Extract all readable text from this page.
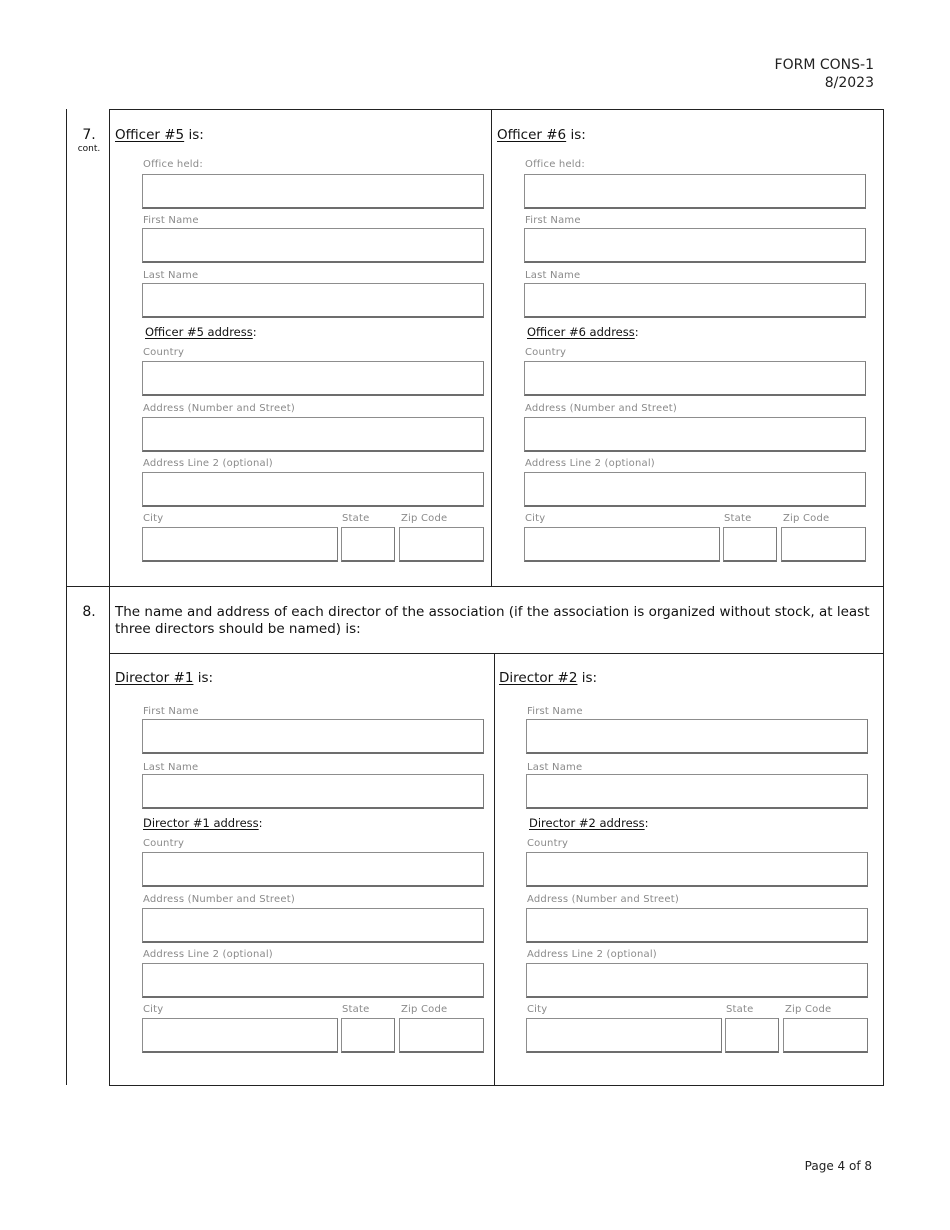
FORM CONS-1
8/2023
7.
cont.
8.
Officer #5 is:
Office held:
First Name
Last Name
Officer #5 address:
Country
Address (Number and Street)
Address Line 2 (optional)
City	State	Zip Code
Officer #6 is:
Office held:
First Name
Last Name
Officer #6 address:
Country
Address (Number and Street)
Address Line 2 (optional)
City	State	Zip Code
The name and address of each director of the association (if the association is organized without stock, at least three directors should be named) is:
Director #1 is:
First Name
Last Name
Director #1 address:
Country
Address (Number and Street)
Address Line 2 (optional)
City	State	Zip Code
Director #2 is:
First Name
Last Name
Director #2 address:
Country
Address (Number and Street)
Address Line 2 (optional)
City	State	Zip Code
Page 4 of 8
